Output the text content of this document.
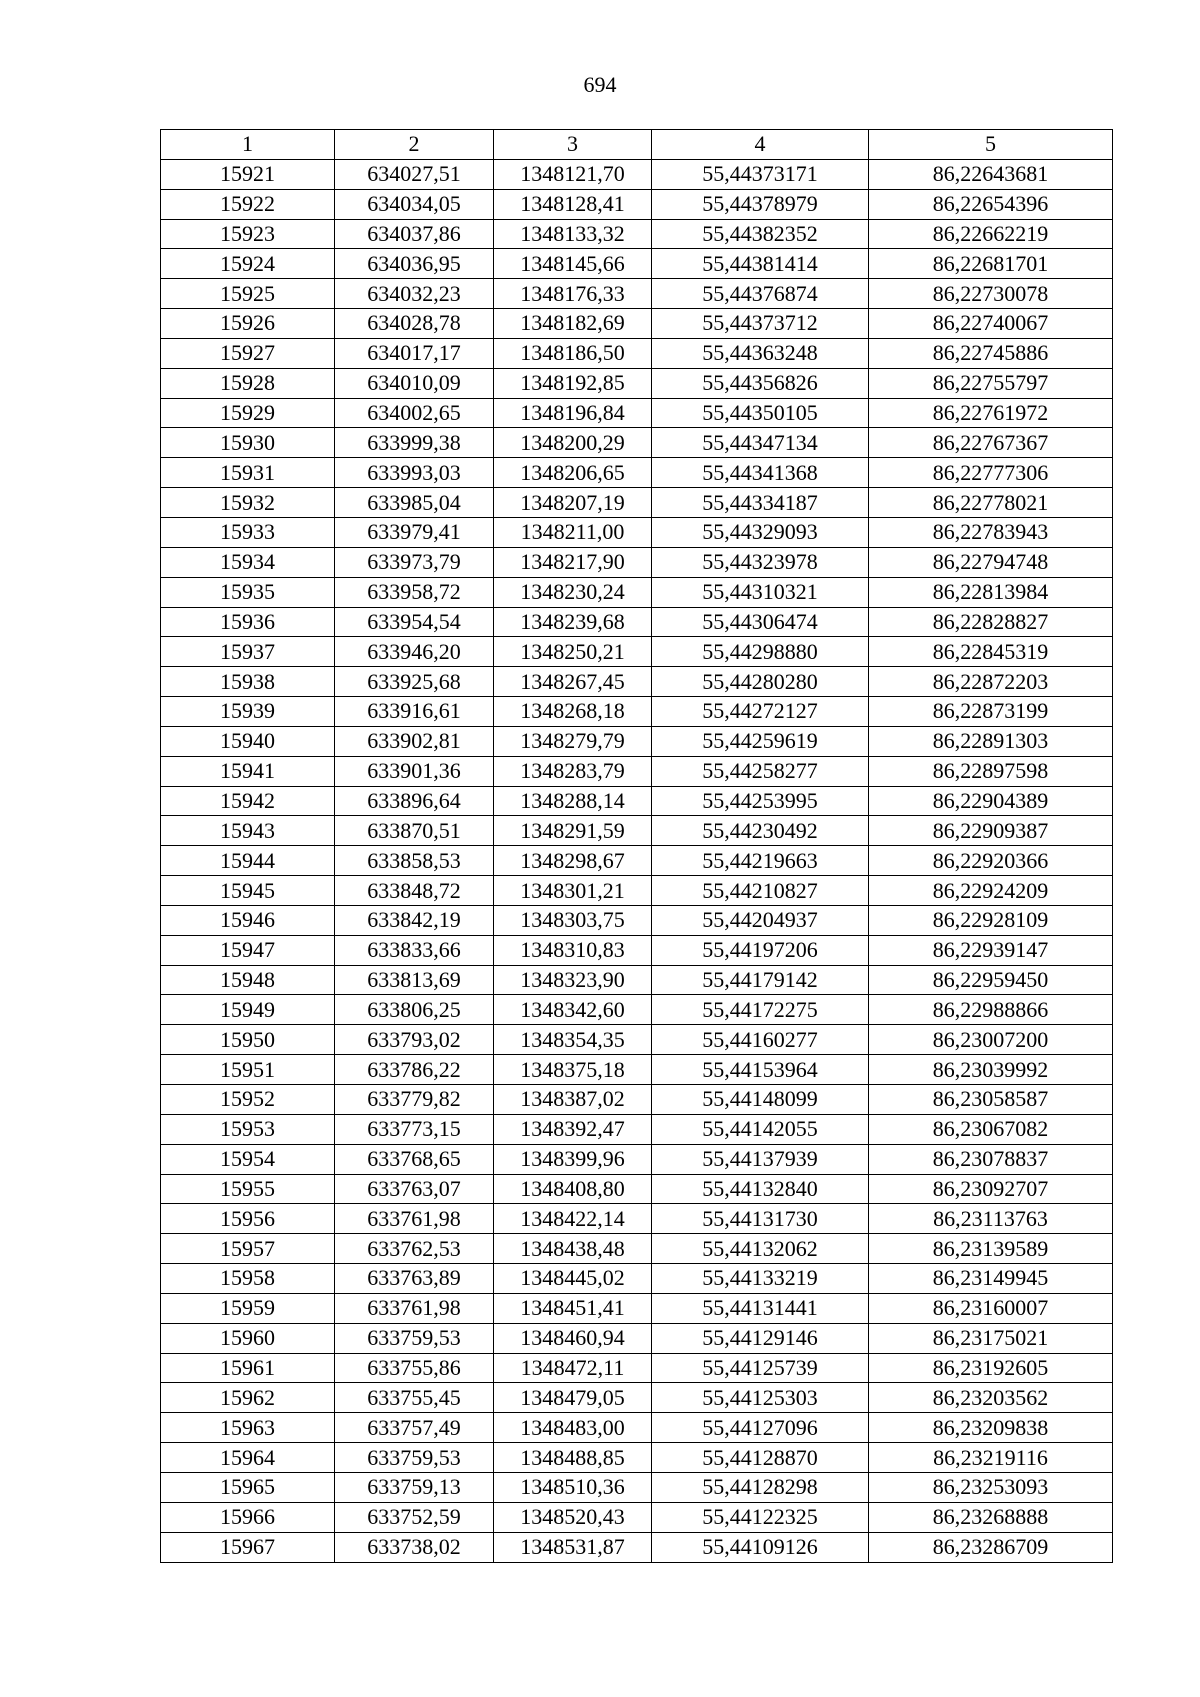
694
1	2	3	4	5
15921	634027,51	1348121,70	55,44373171	86,22643681
15922	634034,05	1348128,41	55,44378979	86,22654396
15923	634037,86	1348133,32	55,44382352	86,22662219
15924	634036,95	1348145,66	55,44381414	86,22681701
15925	634032,23	1348176,33	55,44376874	86,22730078
15926	634028,78	1348182,69	55,44373712	86,22740067
15927	634017,17	1348186,50	55,44363248	86,22745886
15928	634010,09	1348192,85	55,44356826	86,22755797
15929	634002,65	1348196,84	55,44350105	86,22761972
15930	633999,38	1348200,29	55,44347134	86,22767367
15931	633993,03	1348206,65	55,44341368	86,22777306
15932	633985,04	1348207,19	55,44334187	86,22778021
15933	633979,41	1348211,00	55,44329093	86,22783943
15934	633973,79	1348217,90	55,44323978	86,22794748
15935	633958,72	1348230,24	55,44310321	86,22813984
15936	633954,54	1348239,68	55,44306474	86,22828827
15937	633946,20	1348250,21	55,44298880	86,22845319
15938	633925,68	1348267,45	55,44280280	86,22872203
15939	633916,61	1348268,18	55,44272127	86,22873199
15940	633902,81	1348279,79	55,44259619	86,22891303
15941	633901,36	1348283,79	55,44258277	86,22897598
15942	633896,64	1348288,14	55,44253995	86,22904389
15943	633870,51	1348291,59	55,44230492	86,22909387
15944	633858,53	1348298,67	55,44219663	86,22920366
15945	633848,72	1348301,21	55,44210827	86,22924209
15946	633842,19	1348303,75	55,44204937	86,22928109
15947	633833,66	1348310,83	55,44197206	86,22939147
15948	633813,69	1348323,90	55,44179142	86,22959450
15949	633806,25	1348342,60	55,44172275	86,22988866
15950	633793,02	1348354,35	55,44160277	86,23007200
15951	633786,22	1348375,18	55,44153964	86,23039992
15952	633779,82	1348387,02	55,44148099	86,23058587
15953	633773,15	1348392,47	55,44142055	86,23067082
15954	633768,65	1348399,96	55,44137939	86,23078837
15955	633763,07	1348408,80	55,44132840	86,23092707
15956	633761,98	1348422,14	55,44131730	86,23113763
15957	633762,53	1348438,48	55,44132062	86,23139589
15958	633763,89	1348445,02	55,44133219	86,23149945
15959	633761,98	1348451,41	55,44131441	86,23160007
15960	633759,53	1348460,94	55,44129146	86,23175021
15961	633755,86	1348472,11	55,44125739	86,23192605
15962	633755,45	1348479,05	55,44125303	86,23203562
15963	633757,49	1348483,00	55,44127096	86,23209838
15964	633759,53	1348488,85	55,44128870	86,23219116
15965	633759,13	1348510,36	55,44128298	86,23253093
15966	633752,59	1348520,43	55,44122325	86,23268888
15967	633738,02	1348531,87	55,44109126	86,23286709
